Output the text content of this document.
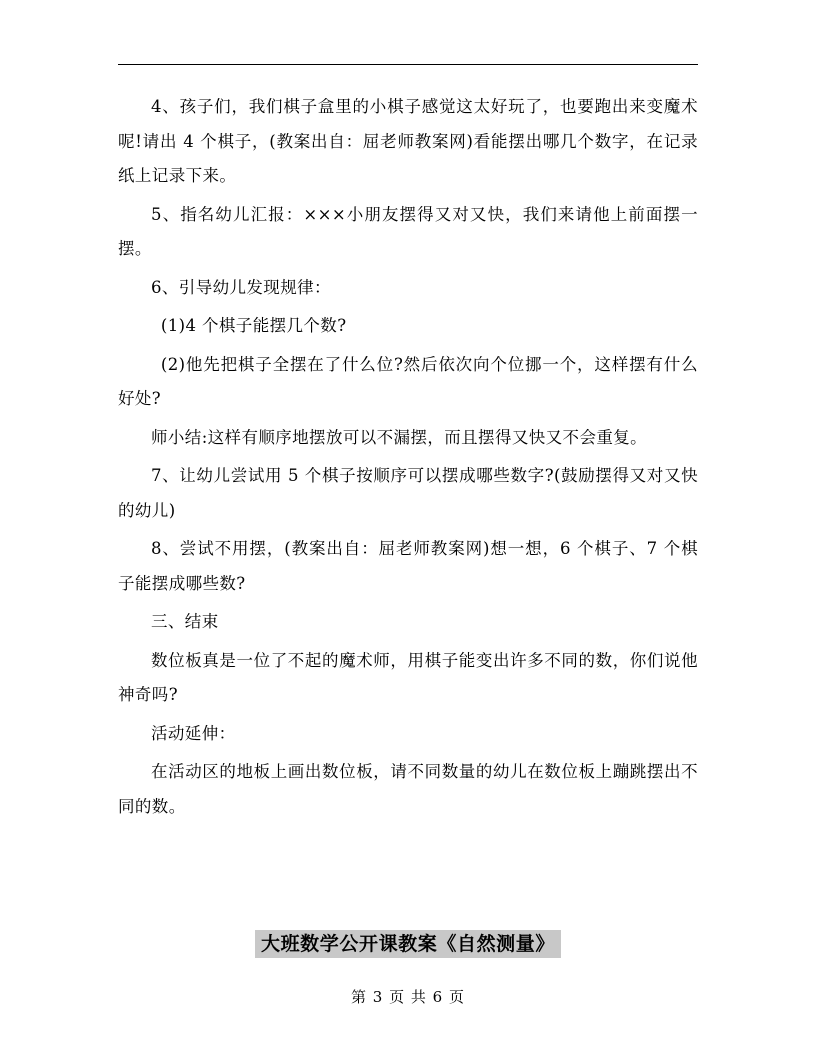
4、孩子们，我们棋子盒里的小棋子感觉这太好玩了，也要跑出来变魔术呢!请出 4 个棋子，(教案出自：屈老师教案网)看能摆出哪几个数字，在记录纸上记录下来。

5、指名幼儿汇报：×××小朋友摆得又对又快，我们来请他上前面摆一摆。

6、引导幼儿发现规律：

(1)4 个棋子能摆几个数?

(2)他先把棋子全摆在了什么位?然后依次向个位挪一个，这样摆有什么好处?

师小结:这样有顺序地摆放可以不漏摆，而且摆得又快又不会重复。

7、让幼儿尝试用 5 个棋子按顺序可以摆成哪些数字?(鼓励摆得又对又快的幼儿)

8、尝试不用摆，(教案出自：屈老师教案网)想一想，6 个棋子、7 个棋子能摆成哪些数?

三、结束

数位板真是一位了不起的魔术师，用棋子能变出许多不同的数，你们说他神奇吗?

活动延伸：

在活动区的地板上画出数位板，请不同数量的幼儿在数位板上蹦跳摆出不同的数。

大班数学公开课教案《自然测量》
第 3 页 共 6 页
